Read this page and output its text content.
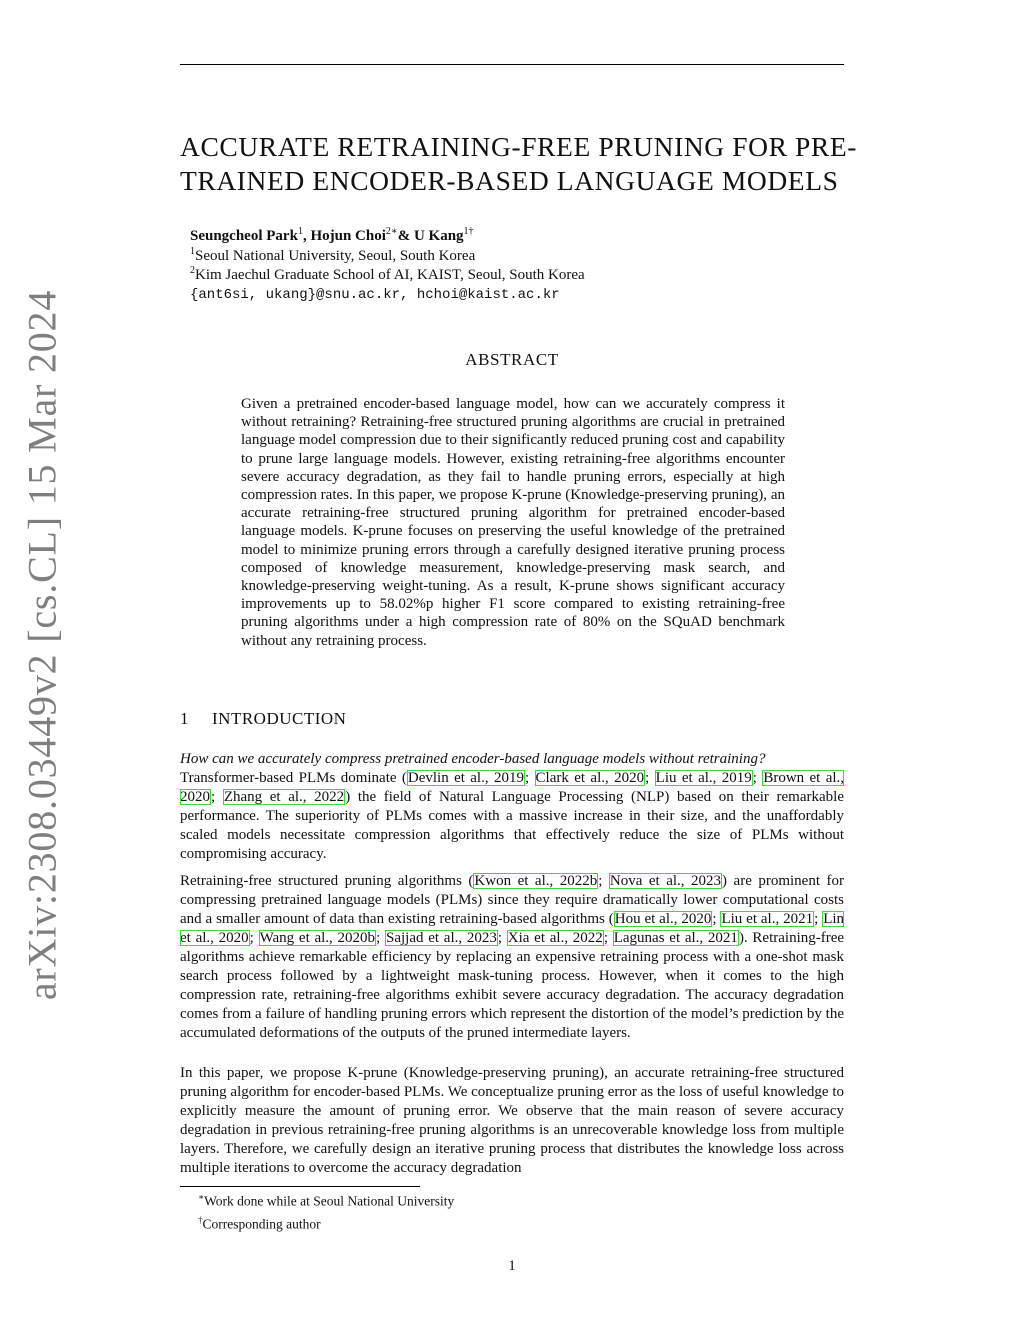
arXiv:2308.03449v2 [cs.CL] 15 Mar 2024
ACCURATE RETRAINING-FREE PRUNING FOR PRE-
TRAINED ENCODER-BASED LANGUAGE MODELS
Seungcheol Park$^1$, Hojun Choi$^{2∗}$& U Kang$^{1\dagger}$
$^1$Seoul National University, Seoul, South Korea
$^2$Kim Jaechul Graduate School of AI, KAIST, Seoul, South Korea
{ant6si, ukang}@snu.ac.kr, hchoi@kaist.ac.kr
ABSTRACT

Given a pretrained encoder-based language model, how can we accurately compress it without retraining? Retraining-free structured pruning algorithms are crucial in pretrained language model compression due to their significantly reduced pruning cost and capability to prune large language models. However, existing retraining-free algorithms encounter severe accuracy degradation, as they fail to handle pruning errors, especially at high compression rates. In this paper, we propose K-prune (Knowledge-preserving pruning), an accurate retraining-free structured pruning algorithm for pretrained encoder-based language models. K-prune focuses on preserving the useful knowledge of the pretrained model to minimize pruning errors through a carefully designed iterative pruning process composed of knowledge measurement, knowledge-preserving mask search, and knowledge-preserving weight-tuning. As a result, K-prune shows significant accuracy improvements up to 58.02%p higher F1 score compared to existing retraining-free pruning algorithms under a high compression rate of 80% on the SQuAD benchmark without any retraining process.

1 INTRODUCTION

How can we accurately compress pretrained encoder-based language models without retraining?
Transformer-based PLMs dominate (Devlin et al., 2019; Clark et al., 2020; Liu et al., 2019; Brown et al., 2020; Zhang et al., 2022) the field of Natural Language Processing (NLP) based on their remarkable performance. The superiority of PLMs comes with a massive increase in their size, and the unaffordably scaled models necessitate compression algorithms that effectively reduce the size of PLMs without compromising accuracy.

Retraining-free structured pruning algorithms (Kwon et al., 2022b; Nova et al., 2023) are prominent for compressing pretrained language models (PLMs) since they require dramatically lower computational costs and a smaller amount of data than existing retraining-based algorithms (Hou et al., 2020; Liu et al., 2021; Lin et al., 2020; Wang et al., 2020b; Sajjad et al., 2023; Xia et al., 2022; Lagunas et al., 2021). Retraining-free algorithms achieve remarkable efficiency by replacing an expensive retraining process with a one-shot mask search process followed by a lightweight mask-tuning process. However, when it comes to the high compression rate, retraining-free algorithms exhibit severe accuracy degradation. The accuracy degradation comes from a failure of handling pruning errors which represent the distortion of the model’s prediction by the accumulated deformations of the outputs of the pruned intermediate layers.

In this paper, we propose K-prune (Knowledge-preserving pruning), an accurate retraining-free structured pruning algorithm for encoder-based PLMs. We conceptualize pruning error as the loss of useful knowledge to explicitly measure the amount of pruning error. We observe that the main reason of severe accuracy degradation in previous retraining-free pruning algorithms is an unrecoverable knowledge loss from multiple layers. Therefore, we carefully design an iterative pruning process that distributes the knowledge loss across multiple iterations to overcome the accuracy degradation

∗Work done while at Seoul National University
†Corresponding author
1
